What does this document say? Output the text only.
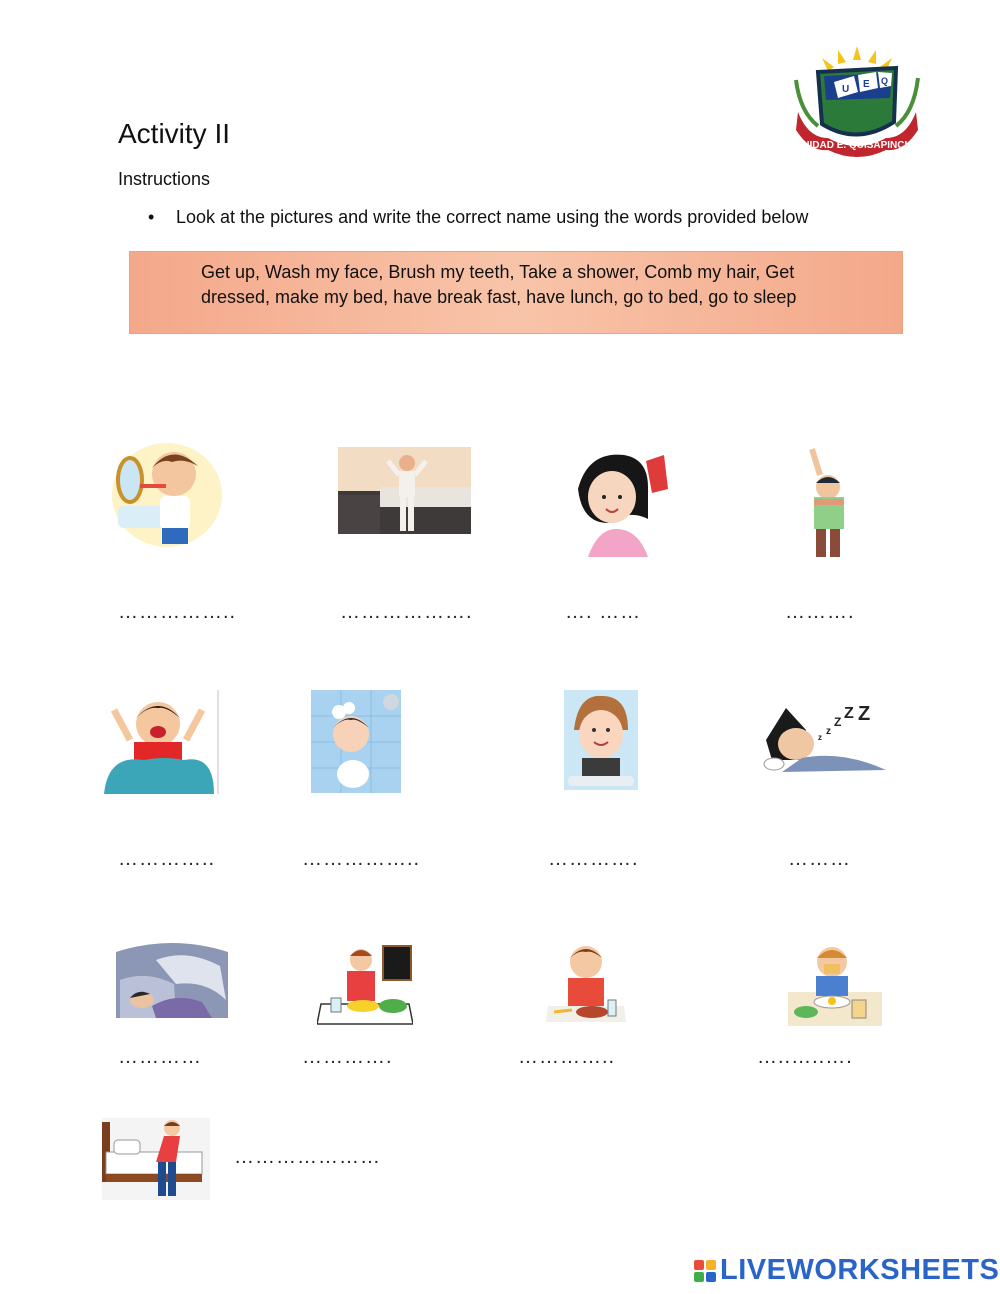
Activity II
Instructions
•	Look at the pictures and write the correct name using the words provided below
U E Q
UNIDAD E. QUISAPINCHA
Get up, Wash my face, Brush my teeth, Take a shower, Comb my hair, Get
dressed, make my bed, have break fast, have lunch, go to bed, go to sleep
……………..	……………….	…. ……	……….
z
z
Z Z Z
…………..	……………..	………….	………
…………	………….	…………..	…..…..….
…………………
LIVEWORKSHEETS
